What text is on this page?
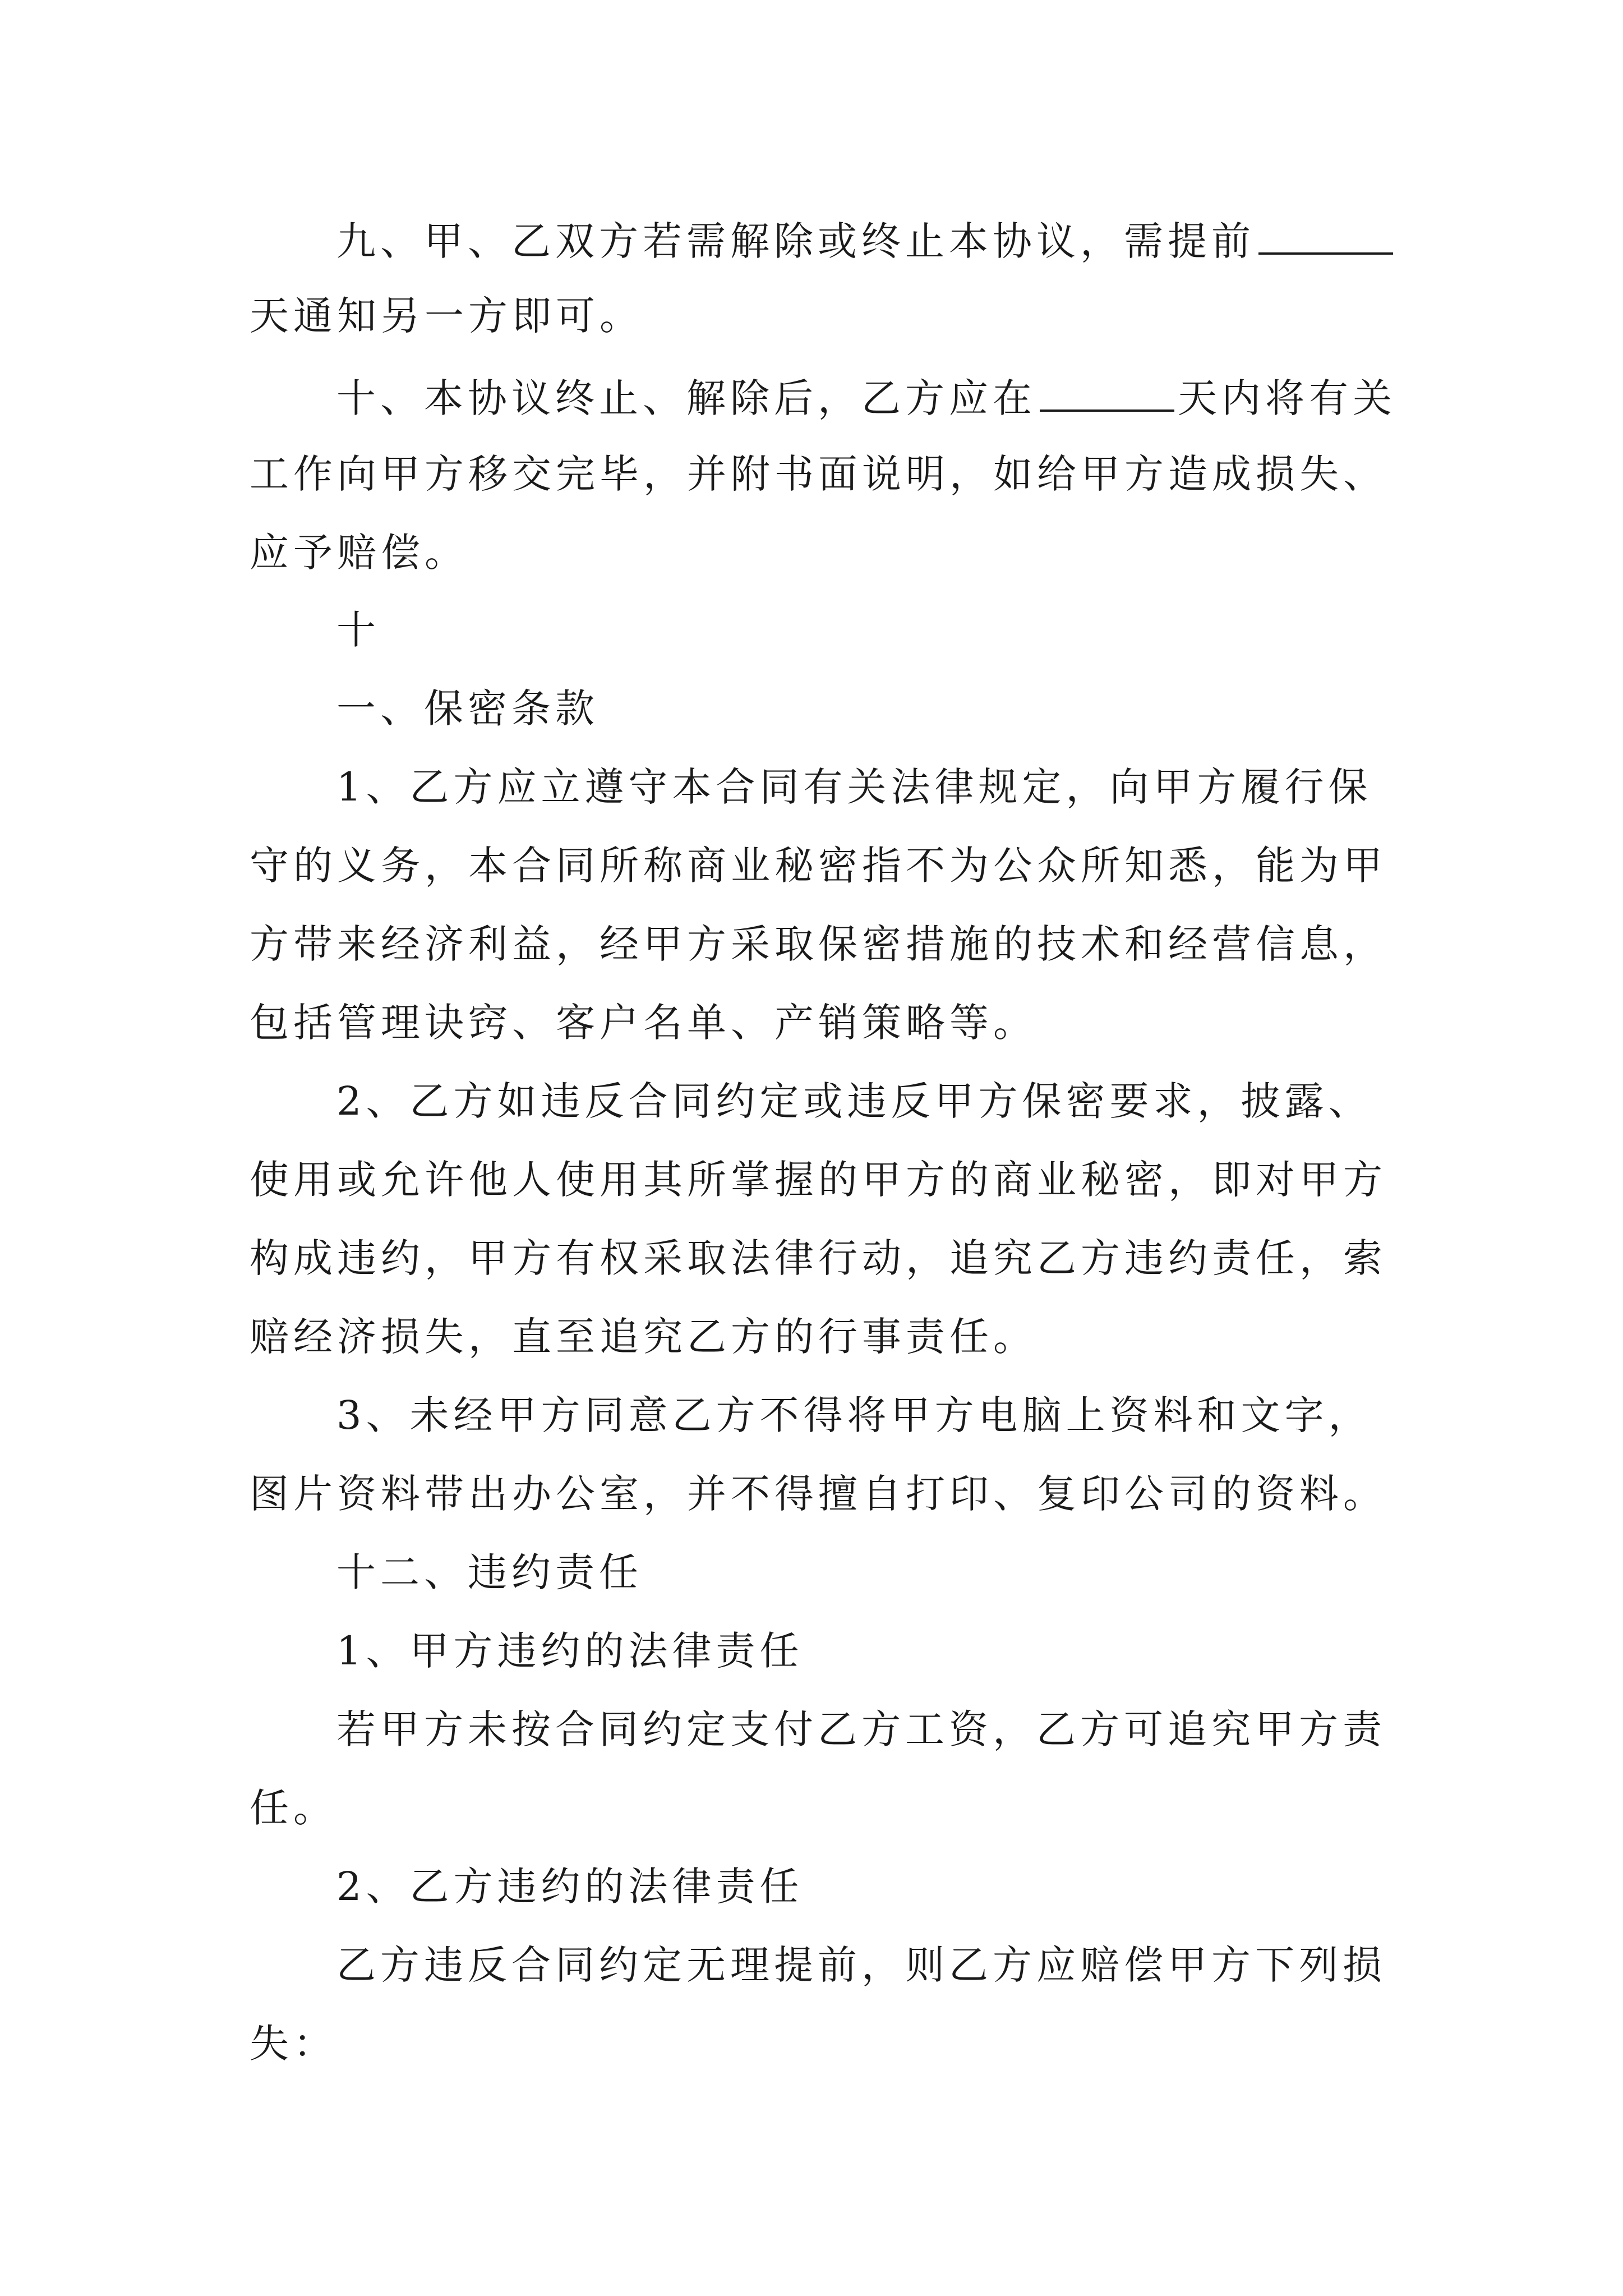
九、甲、乙双方若需解除或终止本协议，需提前

天通知另一方即可。

十、本协议终止、解除后，乙方应在	天内将有关

工作向甲方移交完毕，并附书面说明，如给甲方造成损失、

应予赔偿。

十

一、保密条款

1、乙方应立遵守本合同有关法律规定，向甲方履行保

守的义务，本合同所称商业秘密指不为公众所知悉，能为甲

方带来经济利益，经甲方采取保密措施的技术和经营信息，

包括管理诀窍、客户名单、产销策略等。

2、乙方如违反合同约定或违反甲方保密要求，披露、

使用或允许他人使用其所掌握的甲方的商业秘密，即对甲方

构成违约，甲方有权采取法律行动，追究乙方违约责任，索

赔经济损失，直至追究乙方的行事责任。

3、未经甲方同意乙方不得将甲方电脑上资料和文字，

图片资料带出办公室，并不得擅自打印、复印公司的资料。

十二、违约责任

1、甲方违约的法律责任

若甲方未按合同约定支付乙方工资，乙方可追究甲方责

任。

2、乙方违约的法律责任

乙方违反合同约定无理提前，则乙方应赔偿甲方下列损

失：
